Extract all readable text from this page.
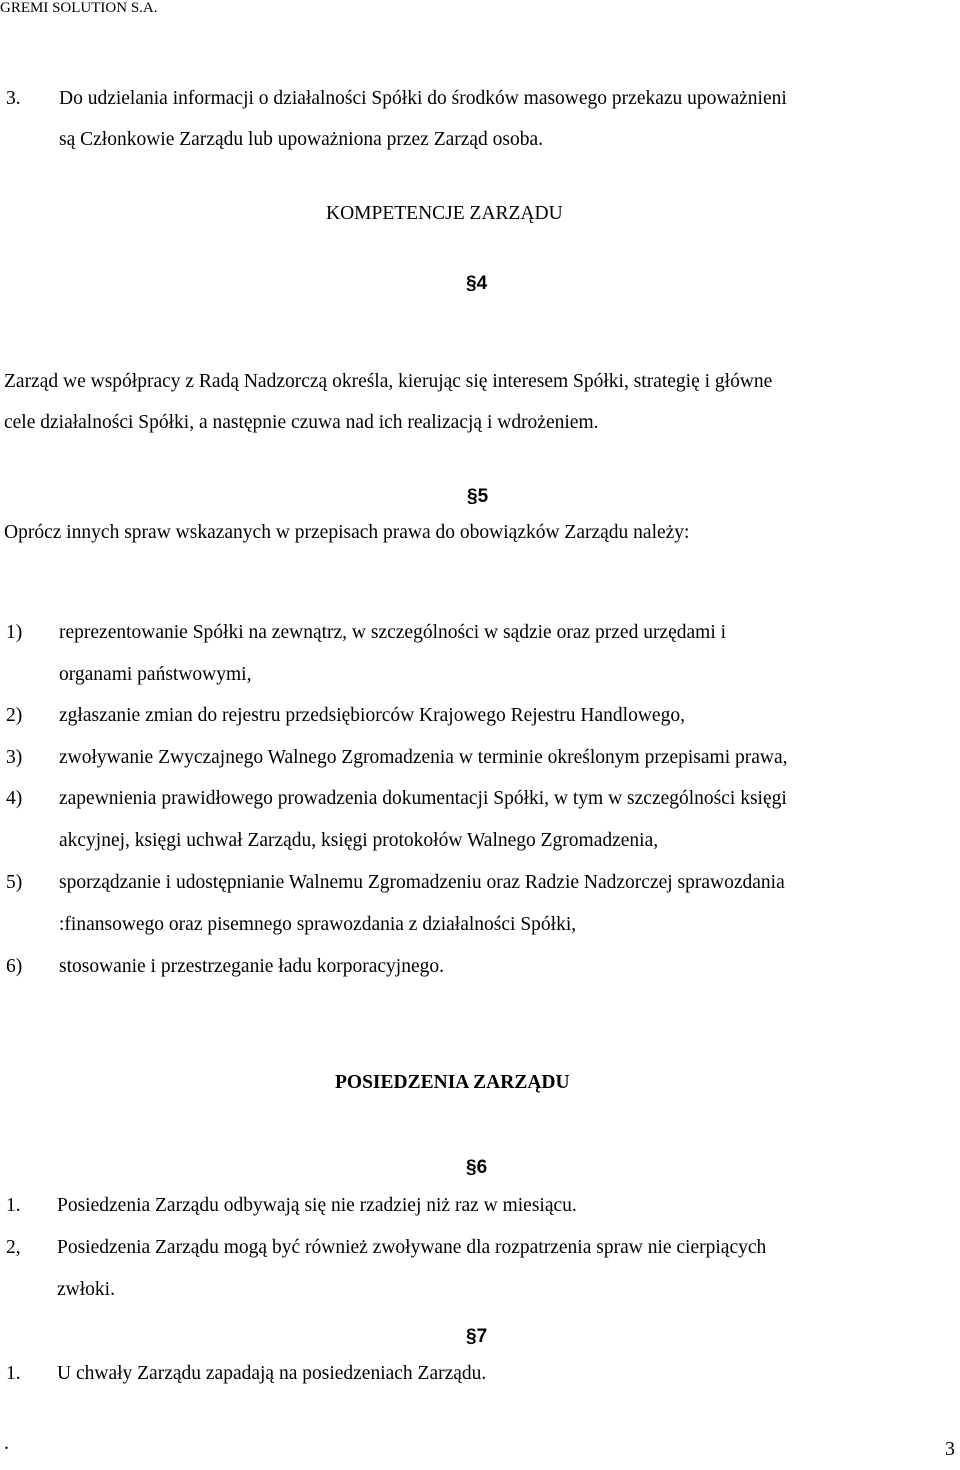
GREMI SOLUTION S.A.
3. Do udzielania informacji o działalności Spółki do środków masowego przekazu upoważnieni
są Członkowie Zarządu lub upoważniona przez Zarząd osoba.
KOMPETENCJE ZARZĄDU
§4
Zarząd we współpracy z Radą Nadzorczą określa, kierując się interesem Spółki, strategię i główne
cele działalności Spółki, a następnie czuwa nad ich realizacją i wdrożeniem.
§5
Oprócz innych spraw wskazanych w przepisach prawa do obowiązków Zarządu należy:
1) reprezentowanie Spółki na zewnątrz, w szczególności w sądzie oraz przed urzędami i
organami państwowymi,
2) zgłaszanie zmian do rejestru przedsiębiorców Krajowego Rejestru Handlowego,
3) zwoływanie Zwyczajnego Walnego Zgromadzenia w terminie określonym przepisami prawa,
4) zapewnienia prawidłowego prowadzenia dokumentacji Spółki, w tym w szczególności księgi
akcyjnej, księgi uchwał Zarządu, księgi protokołów Walnego Zgromadzenia,
5) sporządzanie i udostępnianie Walnemu Zgromadzeniu oraz Radzie Nadzorczej sprawozdania
:finansowego oraz pisemnego sprawozdania z działalności Spółki,
6) stosowanie i przestrzeganie ładu korporacyjnego.
POSIEDZENIA ZARZĄDU
§6
1. Posiedzenia Zarządu odbywają się nie rzadziej niż raz w miesiącu.
2, Posiedzenia Zarządu mogą być również zwoływane dla rozpatrzenia spraw nie cierpiących
zwłoki.
§7
1. U chwały Zarządu zapadają na posiedzeniach Zarządu.
.	3
